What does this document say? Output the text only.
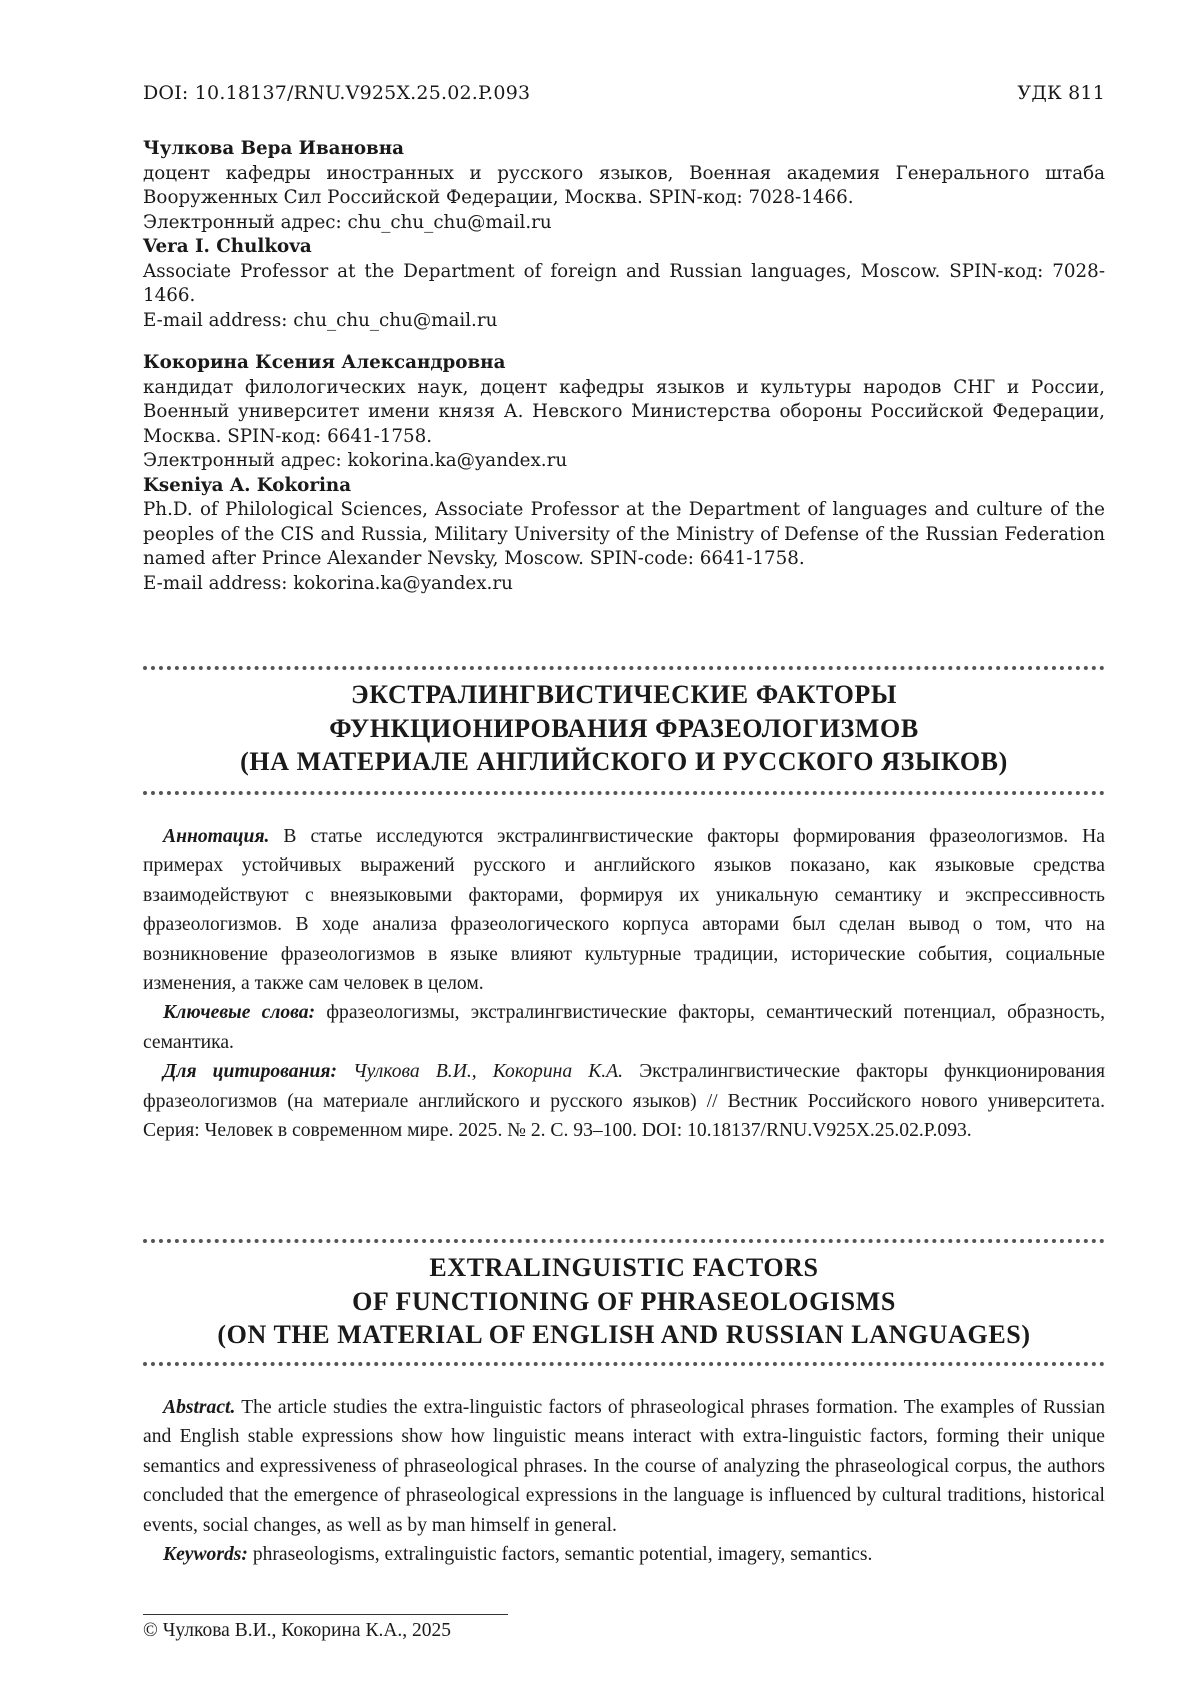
DOI: 10.18137/RNU.V925X.25.02.P.093	УДК 811

Чулкова Вера Ивановна

доцент кафедры иностранных и русского языков, Военная академия Генерального штаба Вооруженных Сил Российской Федерации, Москва. SPIN-код: 7028-1466.

Электронный адрес: chu_chu_chu@mail.ru

Vera I. Chulkova

Associate Professor at the Department of foreign and Russian languages, Moscow. SPIN-код: 7028-1466.

E-mail address: chu_chu_chu@mail.ru

Кокорина Ксения Александровна

кандидат филологических наук, доцент кафедры языков и культуры народов СНГ и России, Военный университет имени князя А. Невского Министерства обороны Российской Федерации, Москва. SPIN-код: 6641-1758.

Электронный адрес: kokorina.ka@yandex.ru

Kseniya A. Kokorina

Ph.D. of Philological Sciences, Associate Professor at the Department of languages and culture of the peoples of the CIS and Russia, Military University of the Ministry of Defense of the Russian Federation named after Prince Alexander Nevsky, Moscow. SPIN-code: 6641-1758.

E-mail address: kokorina.ka@yandex.ru

ЭКСТРАЛИНГВИСТИЧЕСКИЕ ФАКТОРЫ
ФУНКЦИОНИРОВАНИЯ ФРАЗЕОЛОГИЗМОВ
(НА МАТЕРИАЛЕ АНГЛИЙСКОГО И РУССКОГО ЯЗЫКОВ)

Аннотация. В статье исследуются экстралингвистические факторы формирования фразеологизмов. На примерах устойчивых выражений русского и английского языков показано, как языковые средства взаимодействуют с внеязыковыми факторами, формируя их уникальную семантику и экспрессивность фразеологизмов. В ходе анализа фразеологического корпуса авторами был сделан вывод о том, что на возникновение фразеологизмов в языке влияют культурные традиции, исторические события, социальные изменения, а также сам человек в целом.

Ключевые слова: фразеологизмы, экстралингвистические факторы, семантический потенциал, образность, семантика.

Для цитирования: Чулкова В.И., Кокорина К.А. Экстралингвистические факторы функционирования фразеологизмов (на материале английского и русского языков) // Вестник Российского нового университета. Серия: Человек в современном мире. 2025. № 2. С. 93–100. DOI: 10.18137/RNU.V925X.25.02.P.093.

EXTRALINGUISTIC FACTORS
OF FUNCTIONING OF PHRASEOLOGISMS
(ON THE MATERIAL OF ENGLISH AND RUSSIAN LANGUAGES)

Abstract. The article studies the extra-linguistic factors of phraseological phrases formation. The examples of Russian and English stable expressions show how linguistic means interact with extra-linguistic factors, forming their unique semantics and expressiveness of phraseological phrases. In the course of analyzing the phraseological corpus, the authors concluded that the emergence of phraseological expressions in the language is influenced by cultural traditions, historical events, social changes, as well as by man himself in general.

Keywords: phraseologisms, extralinguistic factors, semantic potential, imagery, semantics.

© Чулкова В.И., Кокорина К.А., 2025
